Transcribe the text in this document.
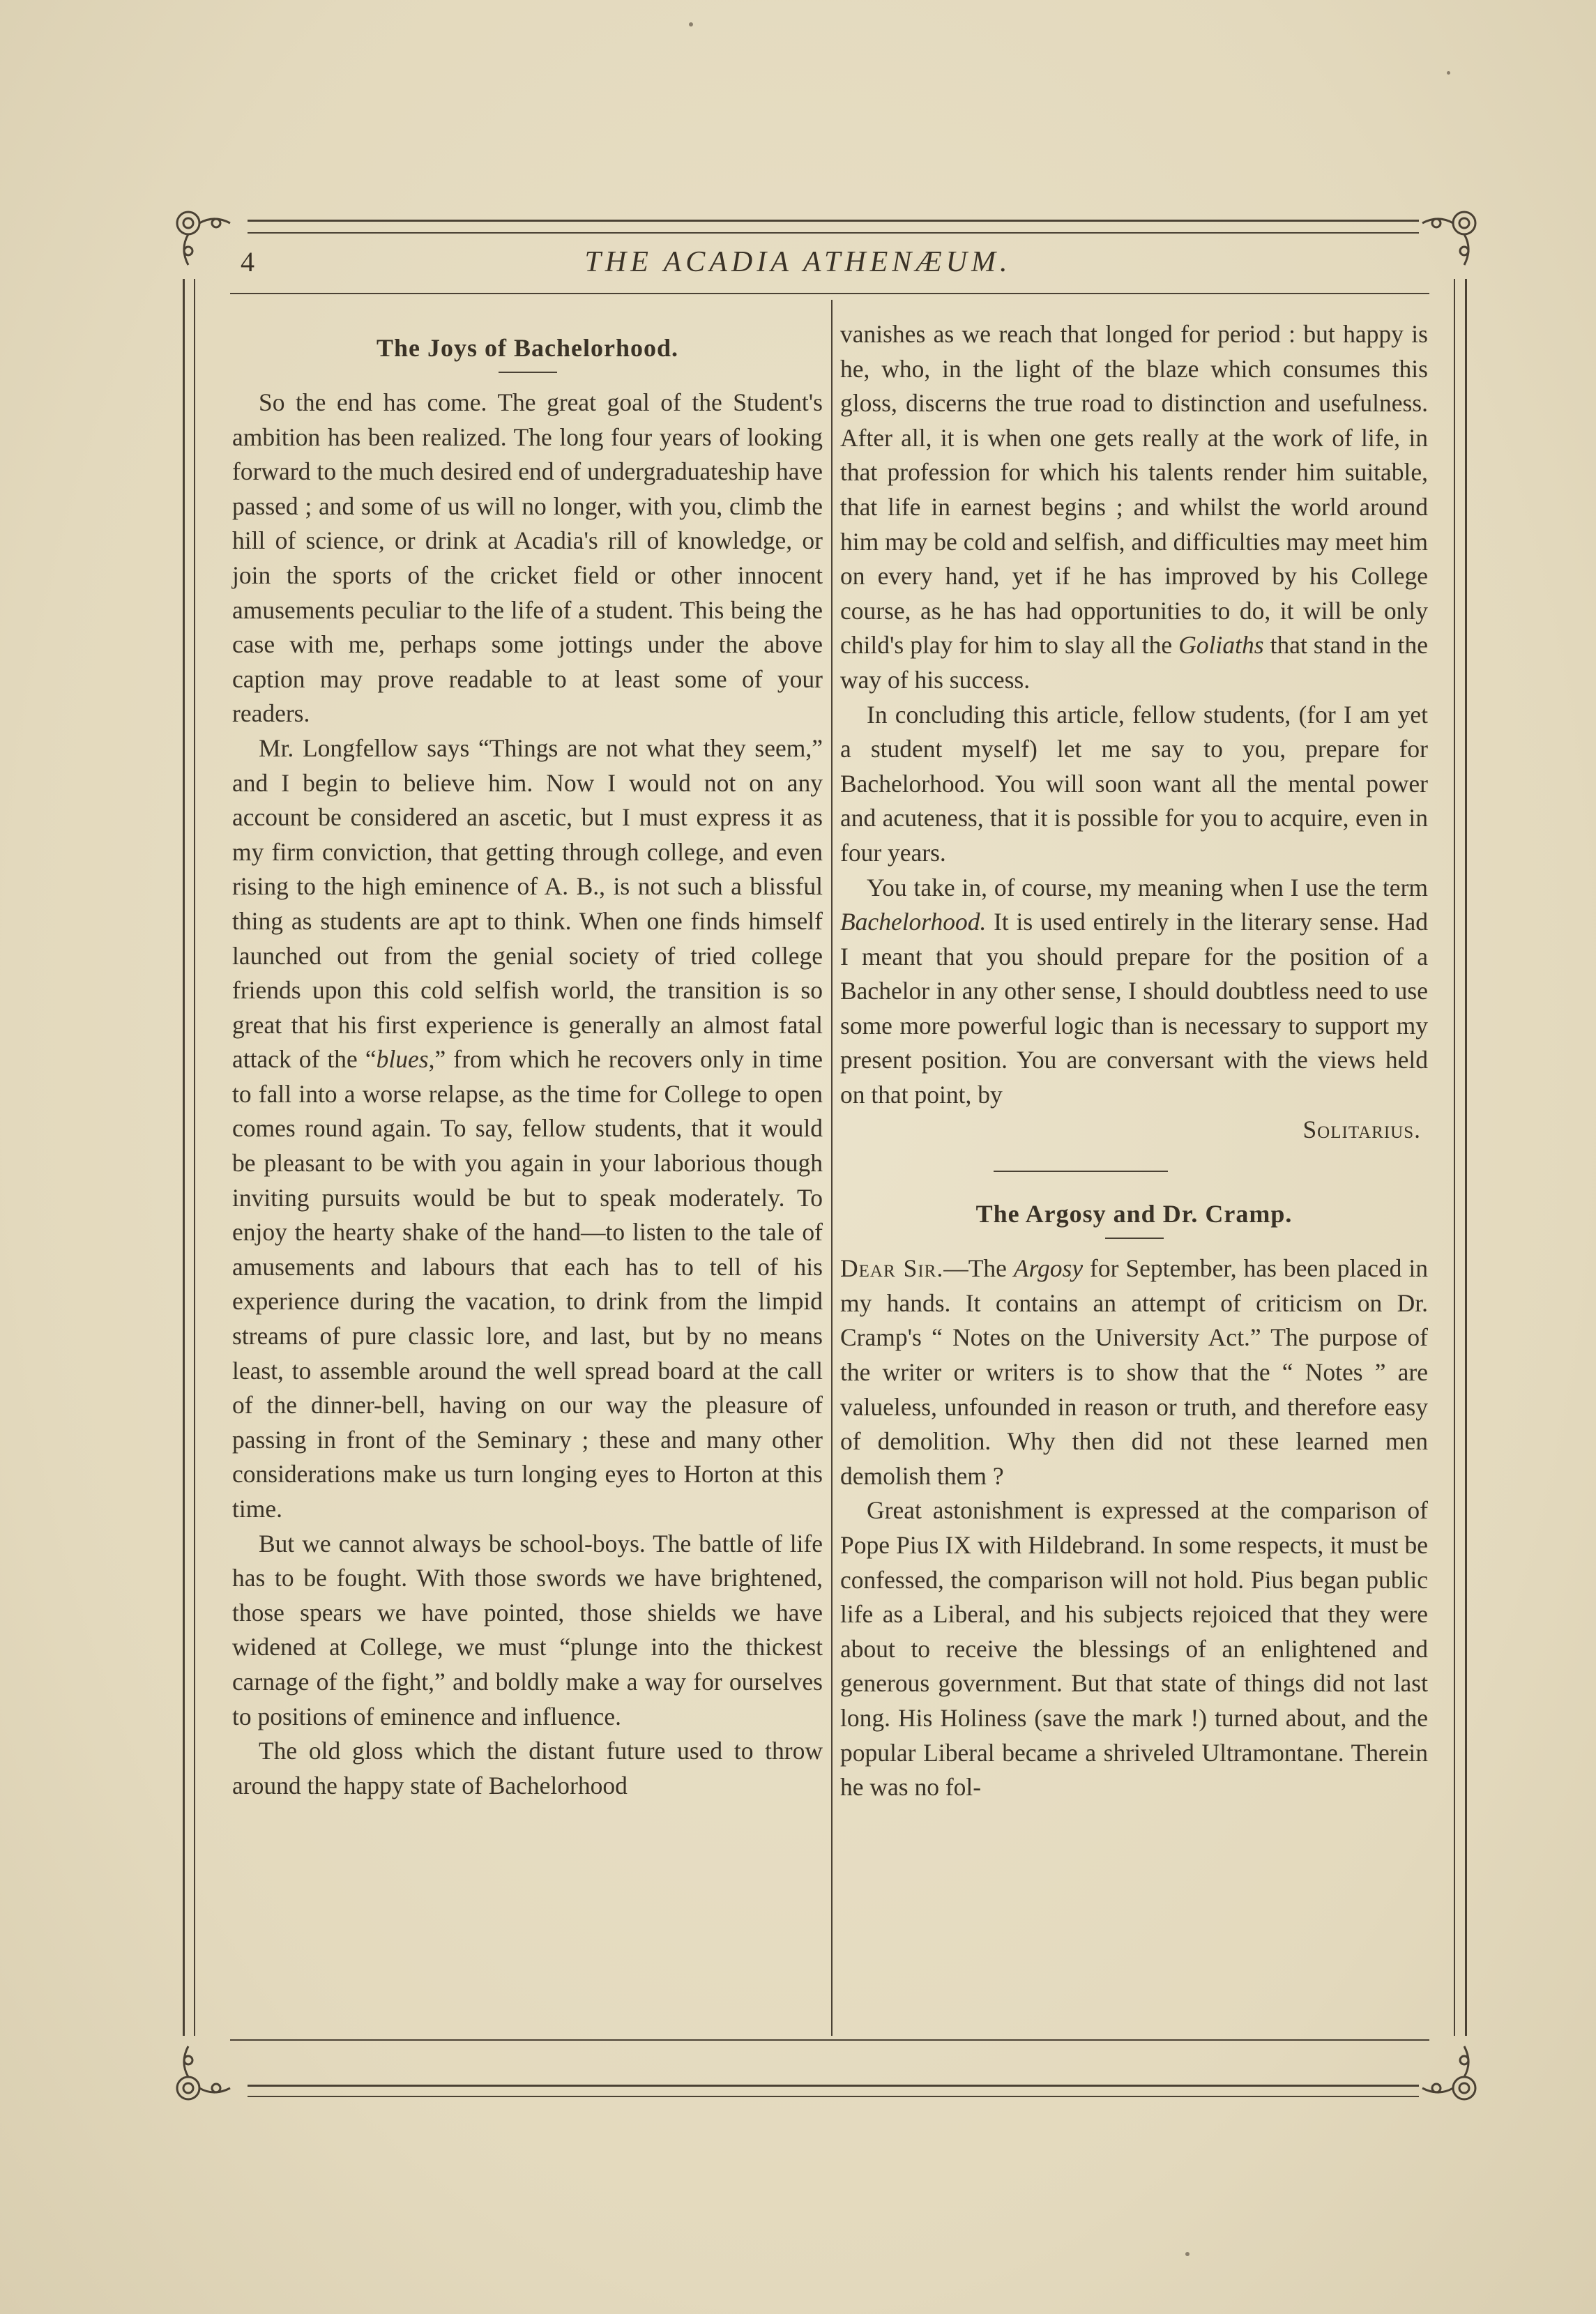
4	THE ACADIA ATHENÆUM.
The Joys of Bachelorhood.

So the end has come. The great goal of the Student's ambition has been realized. The long four years of looking forward to the much desired end of undergraduateship have passed ; and some of us will no longer, with you, climb the hill of science, or drink at Acadia's rill of knowledge, or join the sports of the cricket field or other innocent amusements peculiar to the life of a student. This being the case with me, perhaps some jottings under the above caption may prove readable to at least some of your readers.

Mr. Longfellow says “Things are not what they seem,” and I begin to believe him. Now I would not on any account be considered an ascetic, but I must express it as my firm conviction, that getting through college, and even rising to the high eminence of A. B., is not such a blissful thing as students are apt to think. When one finds himself launched out from the genial society of tried college friends upon this cold selfish world, the transition is so great that his first experience is generally an almost fatal attack of the “blues,” from which he recovers only in time to fall into a worse relapse, as the time for College to open comes round again. To say, fellow students, that it would be pleasant to be with you again in your laborious though inviting pursuits would be but to speak moderately. To enjoy the hearty shake of the hand—to listen to the tale of amusements and labours that each has to tell of his experience during the vacation, to drink from the limpid streams of pure classic lore, and last, but by no means least, to assemble around the well spread board at the call of the dinner-bell, having on our way the pleasure of passing in front of the Seminary ; these and many other considerations make us turn longing eyes to Horton at this time.

But we cannot always be school-boys. The battle of life has to be fought. With those swords we have brightened, those spears we have pointed, those shields we have widened at College, we must “plunge into the thickest carnage of the fight,” and boldly make a way for ourselves to positions of eminence and influence.

The old gloss which the distant future used to throw around the happy state of Bachelorhood

vanishes as we reach that longed for period : but happy is he, who, in the light of the blaze which consumes this gloss, discerns the true road to distinction and usefulness. After all, it is when one gets really at the work of life, in that profession for which his talents render him suitable, that life in earnest begins ; and whilst the world around him may be cold and selfish, and difficulties may meet him on every hand, yet if he has improved by his College course, as he has had opportunities to do, it will be only child's play for him to slay all the Goliaths that stand in the way of his success.

In concluding this article, fellow students, (for I am yet a student myself) let me say to you, prepare for Bachelorhood. You will soon want all the mental power and acuteness, that it is possible for you to acquire, even in four years.

You take in, of course, my meaning when I use the term Bachelorhood. It is used entirely in the literary sense. Had I meant that you should prepare for the position of a Bachelor in any other sense, I should doubtless need to use some more powerful logic than is necessary to support my present position. You are conversant with the views held on that point, by

Solitarius.
The Argosy and Dr. Cramp.

Dear Sir.—The Argosy for September, has been placed in my hands. It contains an attempt of criticism on Dr. Cramp's “ Notes on the University Act.” The purpose of the writer or writers is to show that the “ Notes ” are valueless, unfounded in reason or truth, and therefore easy of demolition. Why then did not these learned men demolish them ?

Great astonishment is expressed at the comparison of Pope Pius IX with Hildebrand. In some respects, it must be confessed, the comparison will not hold. Pius began public life as a Liberal, and his subjects rejoiced that they were about to receive the blessings of an enlightened and generous government. But that state of things did not last long. His Holiness (save the mark !) turned about, and the popular Liberal became a shriveled Ultramontane. Therein he was no fol-
